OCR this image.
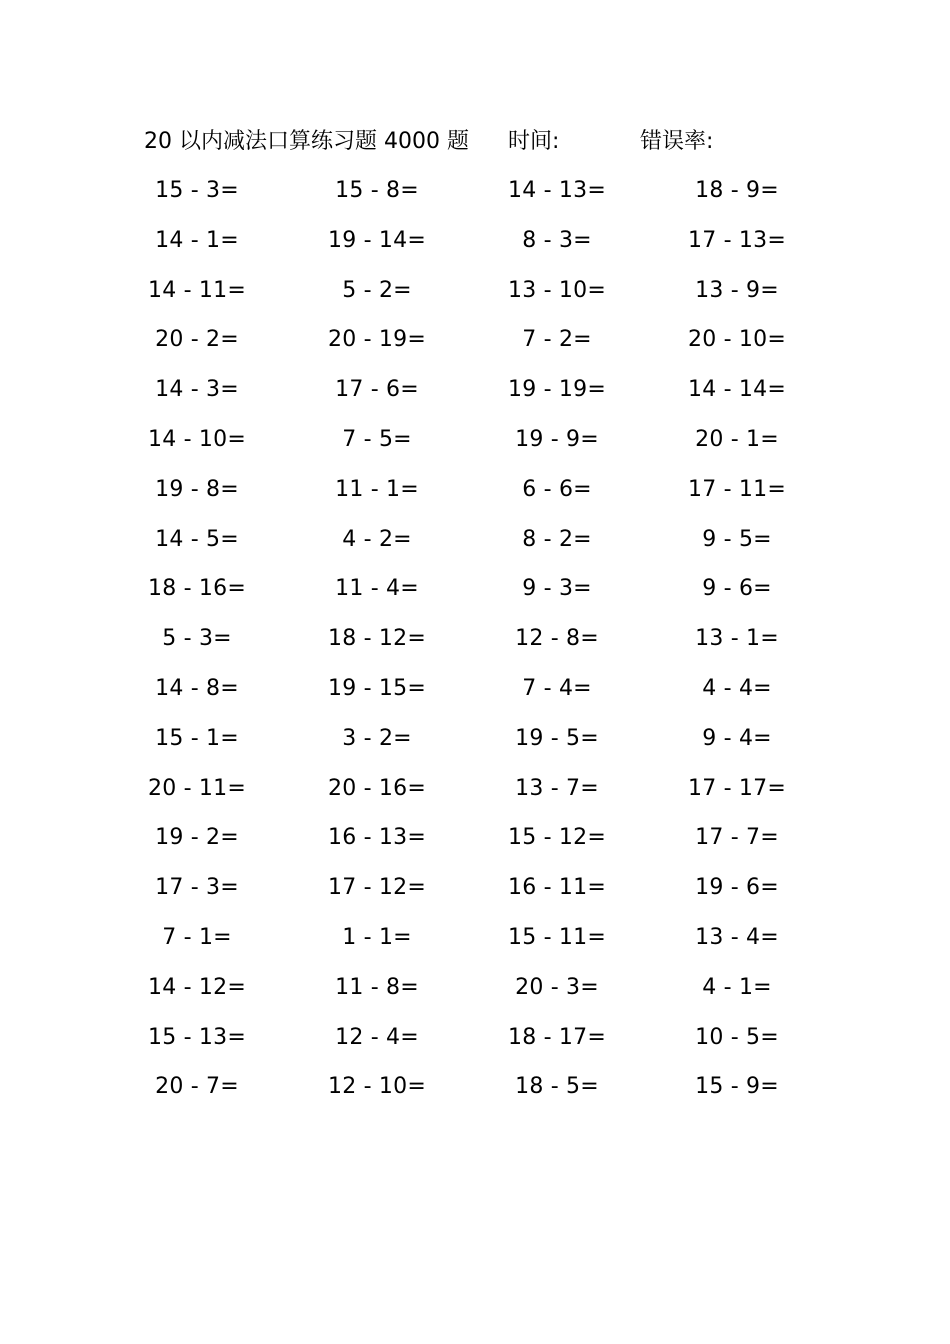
20 以内减法口算练习题 4000 题 时间:	错误率:
15 - 3=	15 - 8=	14 - 13=	18 - 9=
14 - 1=	19 - 14=	8 - 3=	17 - 13=
14 - 11=	5 - 2=	13 - 10=	13 - 9=
20 - 2=	20 - 19=	7 - 2=	20 - 10=
14 - 3=	17 - 6=	19 - 19=	14 - 14=
14 - 10=	7 - 5=	19 - 9=	20 - 1=
19 - 8=	11 - 1=	6 - 6=	17 - 11=
14 - 5=	4 - 2=	8 - 2=	9 - 5=
18 - 16=	11 - 4=	9 - 3=	9 - 6=
5 - 3=	18 - 12=	12 - 8=	13 - 1=
14 - 8=	19 - 15=	7 - 4=	4 - 4=
15 - 1=	3 - 2=	19 - 5=	9 - 4=
20 - 11=	20 - 16=	13 - 7=	17 - 17=
19 - 2=	16 - 13=	15 - 12=	17 - 7=
17 - 3=	17 - 12=	16 - 11=	19 - 6=
7 - 1=	1 - 1=	15 - 11=	13 - 4=
14 - 12=	11 - 8=	20 - 3=	4 - 1=
15 - 13=	12 - 4=	18 - 17=	10 - 5=
20 - 7=	12 - 10=	18 - 5=	15 - 9=
